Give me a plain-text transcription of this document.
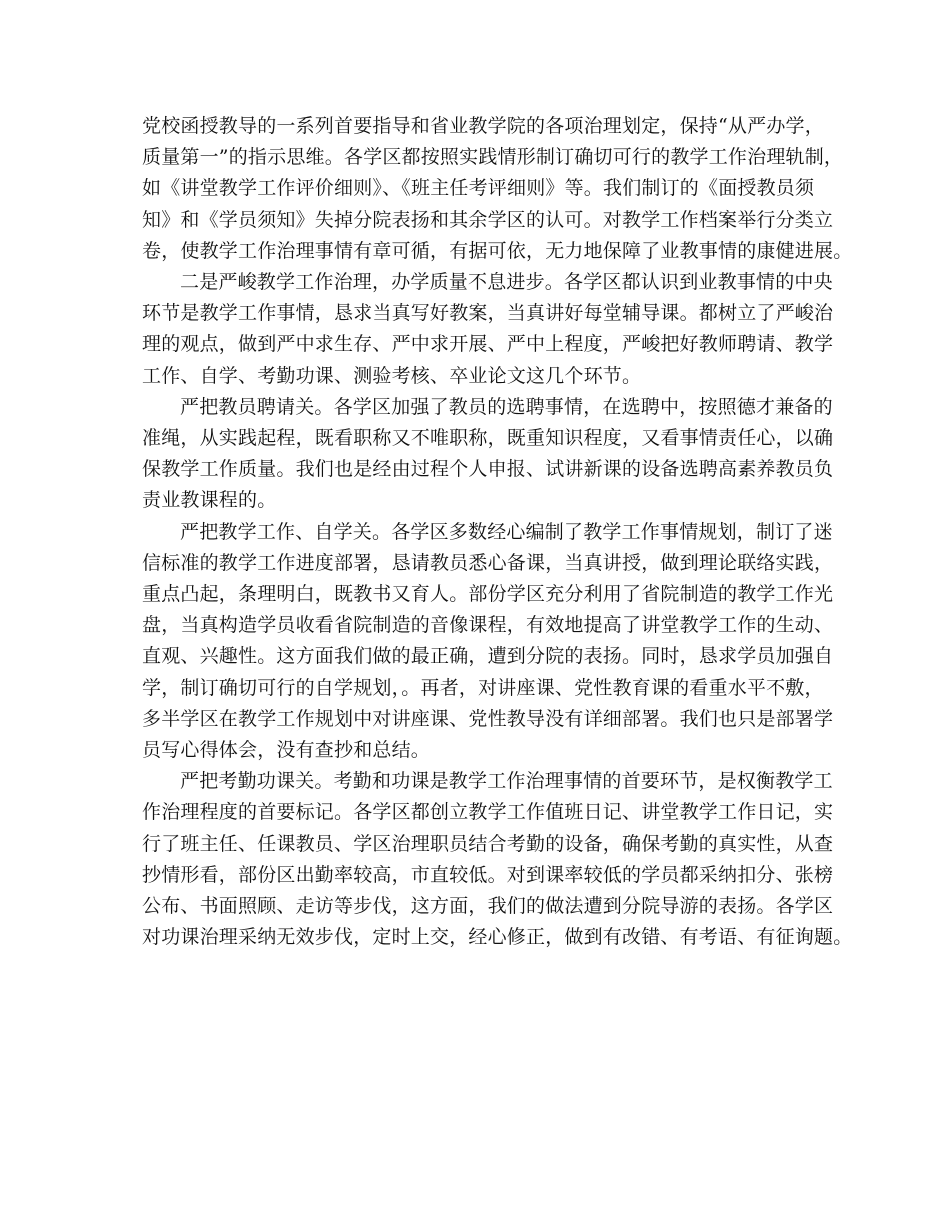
党校函授教导的一系列首要指导和省业教学院的各项治理划定，保持“从严办学，
质量第一”的指示思维。各学区都按照实践情形制订确切可行的教学工作治理轨制，
如《讲堂教学工作评价细则》、《班主任考评细则》等。我们制订的《面授教员须
知》和《学员须知》失掉分院表扬和其余学区的认可。对教学工作档案举行分类立
卷，使教学工作治理事情有章可循，有据可依，无力地保障了业教事情的康健进展。
二是严峻教学工作治理，办学质量不息进步。各学区都认识到业教事情的中央
环节是教学工作事情，恳求当真写好教案，当真讲好每堂辅导课。都树立了严峻治
理的观点，做到严中求生存、严中求开展、严中上程度，严峻把好教师聘请、教学
工作、自学、考勤功课、测验考核、卒业论文这几个环节。
严把教员聘请关。各学区加强了教员的选聘事情，在选聘中，按照德才兼备的
准绳，从实践起程，既看职称又不唯职称，既重知识程度，又看事情责任心，以确
保教学工作质量。我们也是经由过程个人申报、试讲新课的设备选聘高素养教员负
责业教课程的。
严把教学工作、自学关。各学区多数经心编制了教学工作事情规划，制订了迷
信标准的教学工作进度部署，恳请教员悉心备课，当真讲授，做到理论联络实践，
重点凸起，条理明白，既教书又育人。部份学区充分利用了省院制造的教学工作光
盘，当真构造学员收看省院制造的音像课程，有效地提高了讲堂教学工作的生动、
直观、兴趣性。这方面我们做的最正确，遭到分院的表扬。同时，恳求学员加强自
学，制订确切可行的自学规划，。再者，对讲座课、党性教育课的看重水平不敷，
多半学区在教学工作规划中对讲座课、党性教导没有详细部署。我们也只是部署学
员写心得体会，没有查抄和总结。
严把考勤功课关。考勤和功课是教学工作治理事情的首要环节，是权衡教学工
作治理程度的首要标记。各学区都创立教学工作值班日记、讲堂教学工作日记，实
行了班主任、任课教员、学区治理职员结合考勤的设备，确保考勤的真实性，从查
抄情形看，部份区出勤率较高，市直较低。对到课率较低的学员都采纳扣分、张榜
公布、书面照顾、走访等步伐，这方面，我们的做法遭到分院导游的表扬。各学区
对功课治理采纳无效步伐，定时上交，经心修正，做到有改错、有考语、有征询题。
